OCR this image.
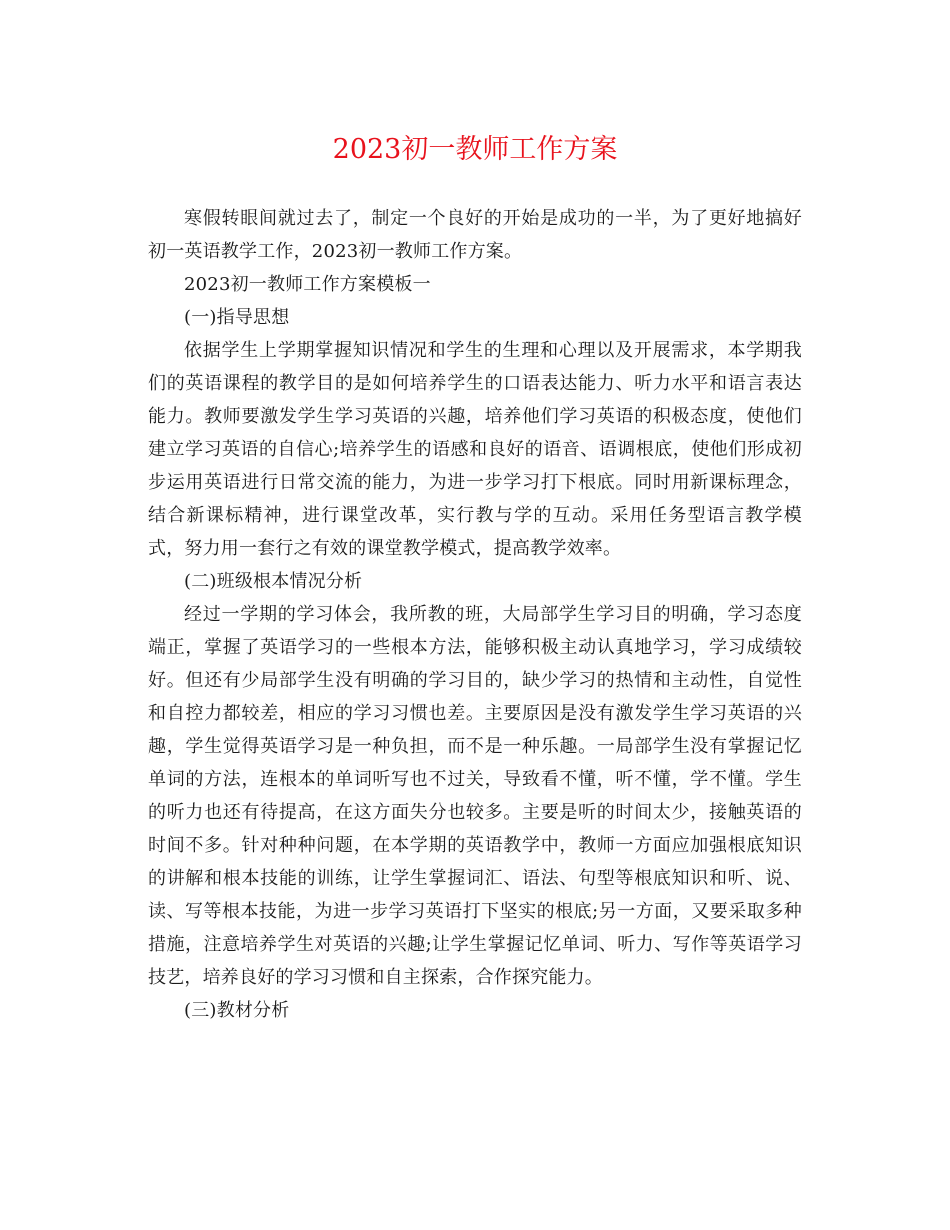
2023初一教师工作方案

寒假转眼间就过去了，制定一个良好的开始是成功的一半，为了更好地搞好初一英语教学工作，2023初一教师工作方案。

2023初一教师工作方案模板一

(一)指导思想

依据学生上学期掌握知识情况和学生的生理和心理以及开展需求，本学期我们的英语课程的教学目的是如何培养学生的口语表达能力、听力水平和语言表达能力。教师要激发学生学习英语的兴趣，培养他们学习英语的积极态度，使他们建立学习英语的自信心;培养学生的语感和良好的语音、语调根底，使他们形成初步运用英语进行日常交流的能力，为进一步学习打下根底。同时用新课标理念，结合新课标精神，进行课堂改革，实行教与学的互动。采用任务型语言教学模式，努力用一套行之有效的课堂教学模式，提高教学效率。

(二)班级根本情况分析

经过一学期的学习体会，我所教的班，大局部学生学习目的明确，学习态度端正，掌握了英语学习的一些根本方法，能够积极主动认真地学习，学习成绩较好。但还有少局部学生没有明确的学习目的，缺少学习的热情和主动性，自觉性和自控力都较差，相应的学习习惯也差。主要原因是没有激发学生学习英语的兴趣，学生觉得英语学习是一种负担，而不是一种乐趣。一局部学生没有掌握记忆单词的方法，连根本的单词听写也不过关，导致看不懂，听不懂，学不懂。学生的听力也还有待提高，在这方面失分也较多。主要是听的时间太少，接触英语的时间不多。针对种种问题，在本学期的英语教学中，教师一方面应加强根底知识的讲解和根本技能的训练，让学生掌握词汇、语法、句型等根底知识和听、说、读、写等根本技能，为进一步学习英语打下坚实的根底;另一方面，又要采取多种措施，注意培养学生对英语的兴趣;让学生掌握记忆单词、听力、写作等英语学习技艺，培养良好的学习习惯和自主探索，合作探究能力。

(三)教材分析
